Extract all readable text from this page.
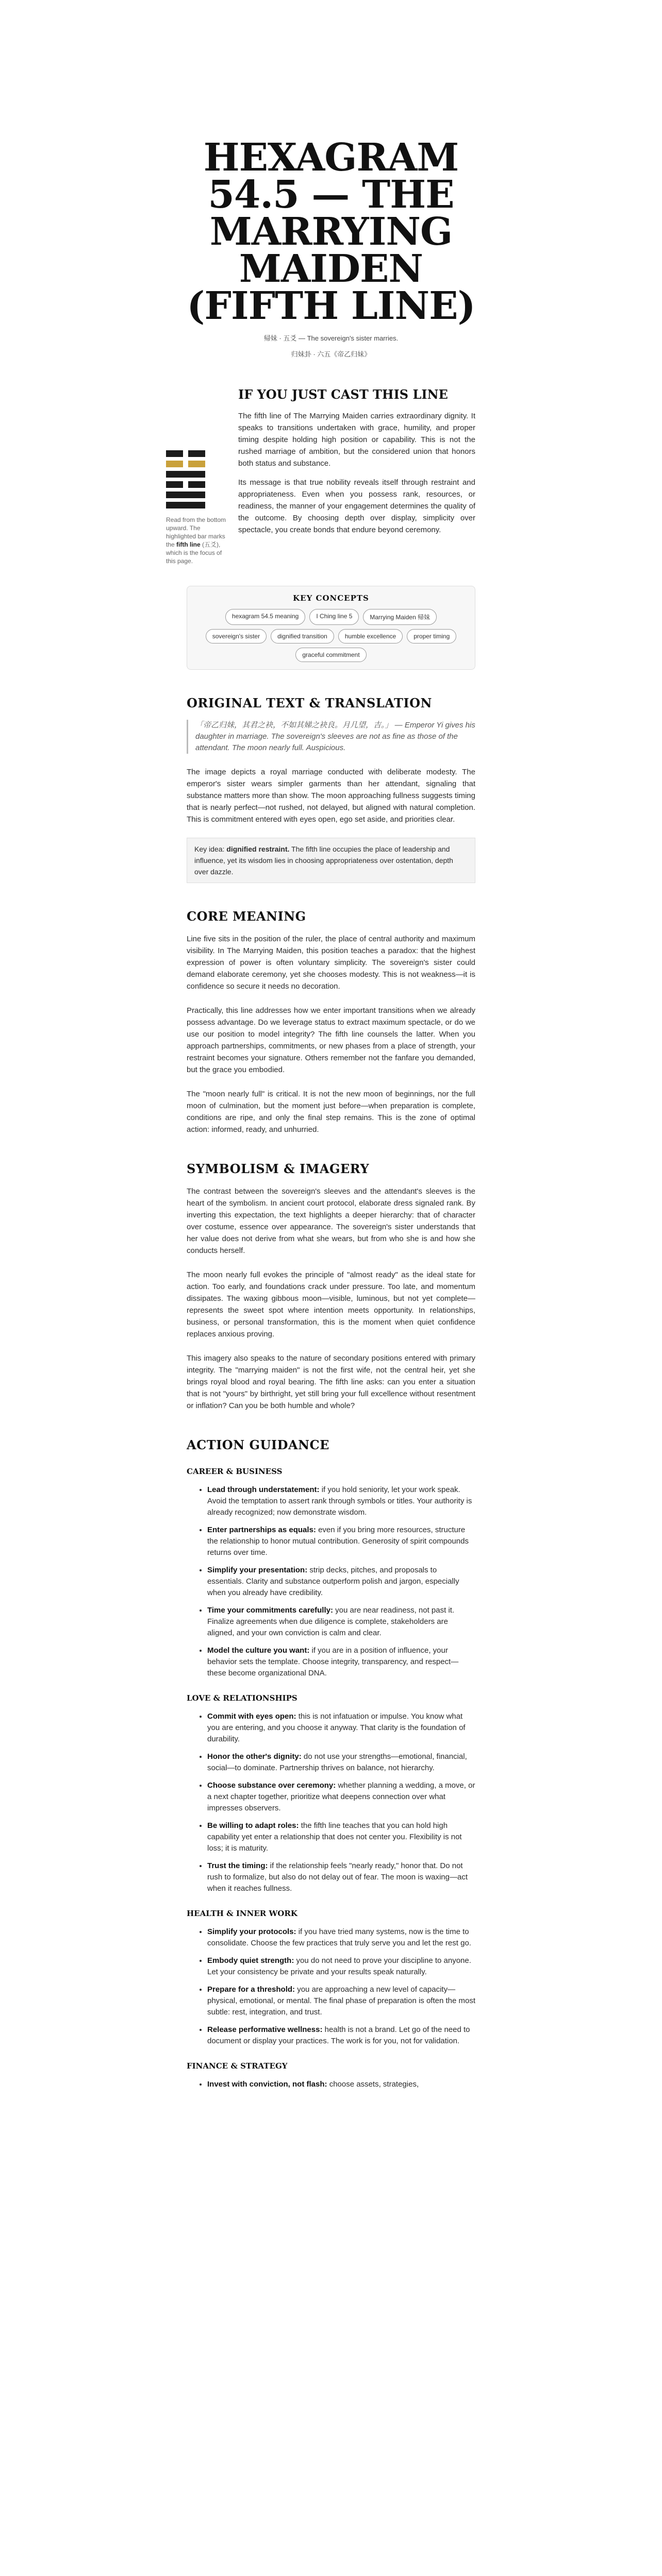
HEXAGRAM
54.5 — THE
MARRYING
MAIDEN
(FIFTH LINE)
帰妹 · 五爻 — The sovereign's sister marries.
归妹卦 · 六五《帝乙归妹》
Read from the bottom upward. The highlighted bar marks the fifth line (五爻), which is the focus of this page.
IF YOU JUST CAST THIS LINE

The fifth line of The Marrying Maiden carries extraordinary dignity. It speaks to transitions undertaken with grace, humility, and proper timing despite holding high position or capability. This is not the rushed marriage of ambition, but the considered union that honors both status and substance.

Its message is that true nobility reveals itself through restraint and appropriateness. Even when you possess rank, resources, or readiness, the manner of your engagement determines the quality of the outcome. By choosing depth over display, simplicity over spectacle, you create bonds that endure beyond ceremony.

KEY CONCEPTS
hexagram 54.5 meaning	I Ching line 5	Marrying Maiden 帰妹
sovereign's sister	dignified transition	humble excellence	proper timing
graceful commitment
ORIGINAL TEXT & TRANSLATION
「帝乙归妹，其君之袂，不如其娣之袂良。月几望，吉。」 — Emperor Yi gives his daughter in marriage. The sovereign's sleeves are not as fine as those of the attendant. The moon nearly full. Auspicious.

The image depicts a royal marriage conducted with deliberate modesty. The emperor's sister wears simpler garments than her attendant, signaling that substance matters more than show. The moon approaching fullness suggests timing that is nearly perfect—not rushed, not delayed, but aligned with natural completion. This is commitment entered with eyes open, ego set aside, and priorities clear.

Key idea: dignified restraint. The fifth line occupies the place of leadership and influence, yet its wisdom lies in choosing appropriateness over ostentation, depth over dazzle.
CORE MEANING

Line five sits in the position of the ruler, the place of central authority and maximum visibility. In The Marrying Maiden, this position teaches a paradox: that the highest expression of power is often voluntary simplicity. The sovereign's sister could demand elaborate ceremony, yet she chooses modesty. This is not weakness—it is confidence so secure it needs no decoration.

Practically, this line addresses how we enter important transitions when we already possess advantage. Do we leverage status to extract maximum spectacle, or do we use our position to model integrity? The fifth line counsels the latter. When you approach partnerships, commitments, or new phases from a place of strength, your restraint becomes your signature. Others remember not the fanfare you demanded, but the grace you embodied.

The "moon nearly full" is critical. It is not the new moon of beginnings, nor the full moon of culmination, but the moment just before—when preparation is complete, conditions are ripe, and only the final step remains. This is the zone of optimal action: informed, ready, and unhurried.

SYMBOLISM & IMAGERY

The contrast between the sovereign's sleeves and the attendant's sleeves is the heart of the symbolism. In ancient court protocol, elaborate dress signaled rank. By inverting this expectation, the text highlights a deeper hierarchy: that of character over costume, essence over appearance. The sovereign's sister understands that her value does not derive from what she wears, but from who she is and how she conducts herself.

The moon nearly full evokes the principle of "almost ready" as the ideal state for action. Too early, and foundations crack under pressure. Too late, and momentum dissipates. The waxing gibbous moon—visible, luminous, but not yet complete—represents the sweet spot where intention meets opportunity. In relationships, business, or personal transformation, this is the moment when quiet confidence replaces anxious proving.

This imagery also speaks to the nature of secondary positions entered with primary integrity. The "marrying maiden" is not the first wife, not the central heir, yet she brings royal blood and royal bearing. The fifth line asks: can you enter a situation that is not "yours" by birthright, yet still bring your full excellence without resentment or inflation? Can you be both humble and whole?

ACTION GUIDANCE
CAREER & BUSINESS
• Lead through understatement: if you hold seniority, let your work speak. Avoid the temptation to assert rank through symbols or titles. Your authority is already recognized; now demonstrate wisdom.
• Enter partnerships as equals: even if you bring more resources, structure the relationship to honor mutual contribution. Generosity of spirit compounds returns over time.
• Simplify your presentation: strip decks, pitches, and proposals to essentials. Clarity and substance outperform polish and jargon, especially when you already have credibility.
• Time your commitments carefully: you are near readiness, not past it. Finalize agreements when due diligence is complete, stakeholders are aligned, and your own conviction is calm and clear.
• Model the culture you want: if you are in a position of influence, your behavior sets the template. Choose integrity, transparency, and respect—these become organizational DNA.
LOVE & RELATIONSHIPS
• Commit with eyes open: this is not infatuation or impulse. You know what you are entering, and you choose it anyway. That clarity is the foundation of durability.
• Honor the other's dignity: do not use your strengths—emotional, financial, social—to dominate. Partnership thrives on balance, not hierarchy.
• Choose substance over ceremony: whether planning a wedding, a move, or a next chapter together, prioritize what deepens connection over what impresses observers.
• Be willing to adapt roles: the fifth line teaches that you can hold high capability yet enter a relationship that does not center you. Flexibility is not loss; it is maturity.
• Trust the timing: if the relationship feels "nearly ready," honor that. Do not rush to formalize, but also do not delay out of fear. The moon is waxing—act when it reaches fullness.
HEALTH & INNER WORK
• Simplify your protocols: if you have tried many systems, now is the time to consolidate. Choose the few practices that truly serve you and let the rest go.
• Embody quiet strength: you do not need to prove your discipline to anyone. Let your consistency be private and your results speak naturally.
• Prepare for a threshold: you are approaching a new level of capacity—physical, emotional, or mental. The final phase of preparation is often the most subtle: rest, integration, and trust.
• Release performative wellness: health is not a brand. Let go of the need to document or display your practices. The work is for you, not for validation.
FINANCE & STRATEGY
• Invest with conviction, not flash: choose assets, strategies,
